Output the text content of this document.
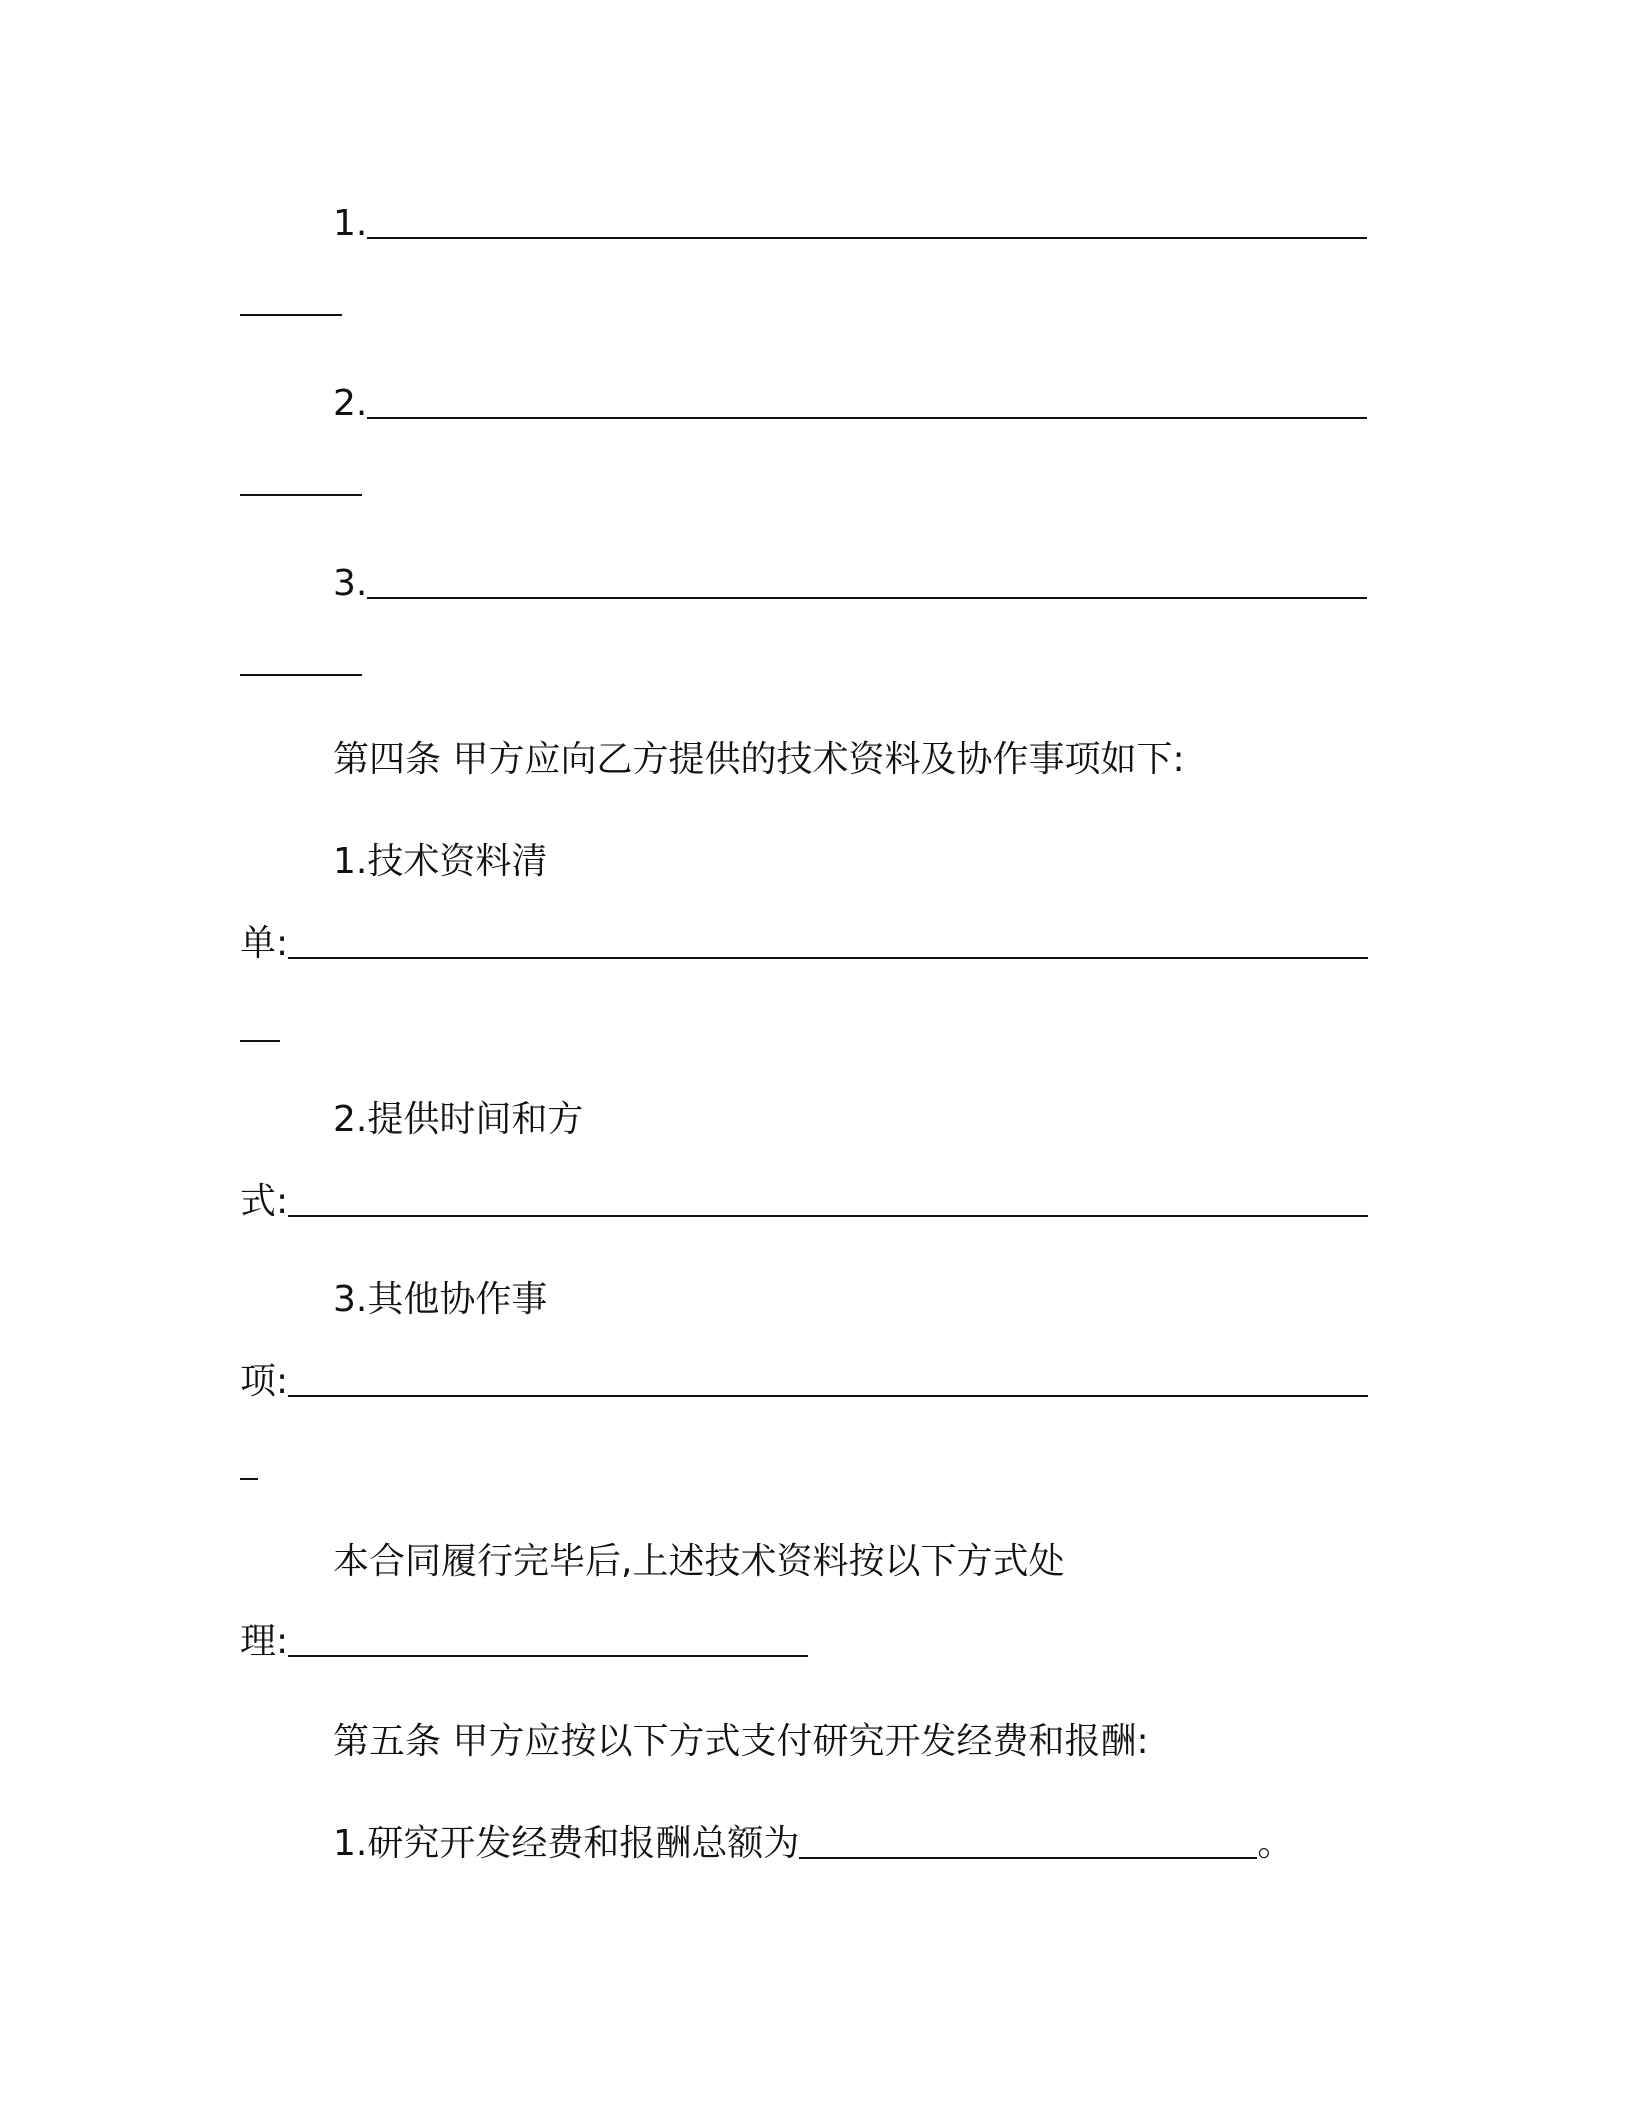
1.
2.
3.
第四条 甲方应向乙方提供的技术资料及协作事项如下:
1.技术资料清
单:
2.提供时间和方
式:
3.其他协作事
项:
本合同履行完毕后,上述技术资料按以下方式处
理:
第五条 甲方应按以下方式支付研究开发经费和报酬:
1.研究开发经费和报酬总额为	。
